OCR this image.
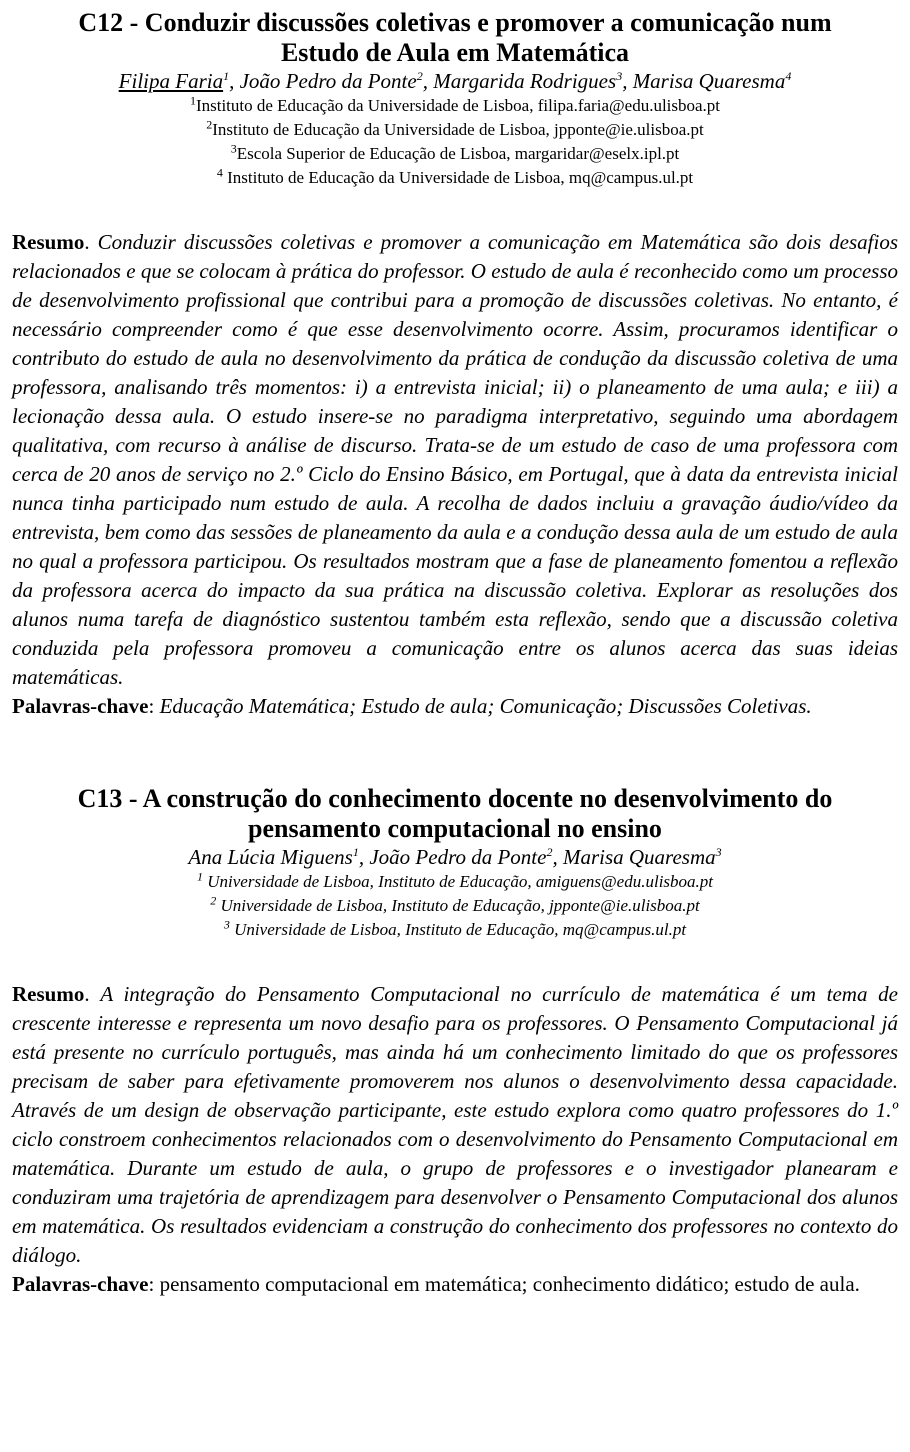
C12 - Conduzir discussões coletivas e promover a comunicação num
Estudo de Aula em Matemática

Filipa Faria$^1$, João Pedro da Ponte$^2$, Margarida Rodrigues$^3$, Marisa Quaresma$^4$

$^1$Instituto de Educação da Universidade de Lisboa, filipa.faria@edu.ulisboa.pt

$^2$Instituto de Educação da Universidade de Lisboa, jpponte@ie.ulisboa.pt

$^3$Escola Superior de Educação de Lisboa, margaridar@eselx.ipl.pt

$^4$ Instituto de Educação da Universidade de Lisboa, mq@campus.ul.pt

Resumo. Conduzir discussões coletivas e promover a comunicação em Matemática são dois desafios relacionados e que se colocam à prática do professor. O estudo de aula é reconhecido como um processo de desenvolvimento profissional que contribui para a promoção de discussões coletivas. No entanto, é necessário compreender como é que esse desenvolvimento ocorre. Assim, procuramos identificar o contributo do estudo de aula no desenvolvimento da prática de condução da discussão coletiva de uma professora, analisando três momentos: i) a entrevista inicial; ii) o planeamento de uma aula; e iii) a lecionação dessa aula. O estudo insere-se no paradigma interpretativo, seguindo uma abordagem qualitativa, com recurso à análise de discurso. Trata-se de um estudo de caso de uma professora com cerca de 20 anos de serviço no 2.º Ciclo do Ensino Básico, em Portugal, que à data da entrevista inicial nunca tinha participado num estudo de aula. A recolha de dados incluiu a gravação áudio/vídeo da entrevista, bem como das sessões de planeamento da aula e a condução dessa aula de um estudo de aula no qual a professora participou. Os resultados mostram que a fase de planeamento fomentou a reflexão da professora acerca do impacto da sua prática na discussão coletiva. Explorar as resoluções dos alunos numa tarefa de diagnóstico sustentou também esta reflexão, sendo que a discussão coletiva conduzida pela professora promoveu a comunicação entre os alunos acerca das suas ideias matemáticas.

Palavras-chave: Educação Matemática; Estudo de aula; Comunicação; Discussões Coletivas.

C13 - A construção do conhecimento docente no desenvolvimento do
pensamento computacional no ensino

Ana Lúcia Miguens$^1$, João Pedro da Ponte$^2$, Marisa Quaresma$^3$

$^1$ Universidade de Lisboa, Instituto de Educação, amiguens@edu.ulisboa.pt

$^2$ Universidade de Lisboa, Instituto de Educação, jpponte@ie.ulisboa.pt

$^3$ Universidade de Lisboa, Instituto de Educação, mq@campus.ul.pt

Resumo. A integração do Pensamento Computacional no currículo de matemática é um tema de crescente interesse e representa um novo desafio para os professores. O Pensamento Computacional já está presente no currículo português, mas ainda há um conhecimento limitado do que os professores precisam de saber para efetivamente promoverem nos alunos o desenvolvimento dessa capacidade. Através de um design de observação participante, este estudo explora como quatro professores do 1.º ciclo constroem conhecimentos relacionados com o desenvolvimento do Pensamento Computacional em matemática. Durante um estudo de aula, o grupo de professores e o investigador planearam e conduziram uma trajetória de aprendizagem para desenvolver o Pensamento Computacional dos alunos em matemática. Os resultados evidenciam a construção do conhecimento dos professores no contexto do diálogo.

Palavras-chave: pensamento computacional em matemática; conhecimento didático; estudo de aula.
